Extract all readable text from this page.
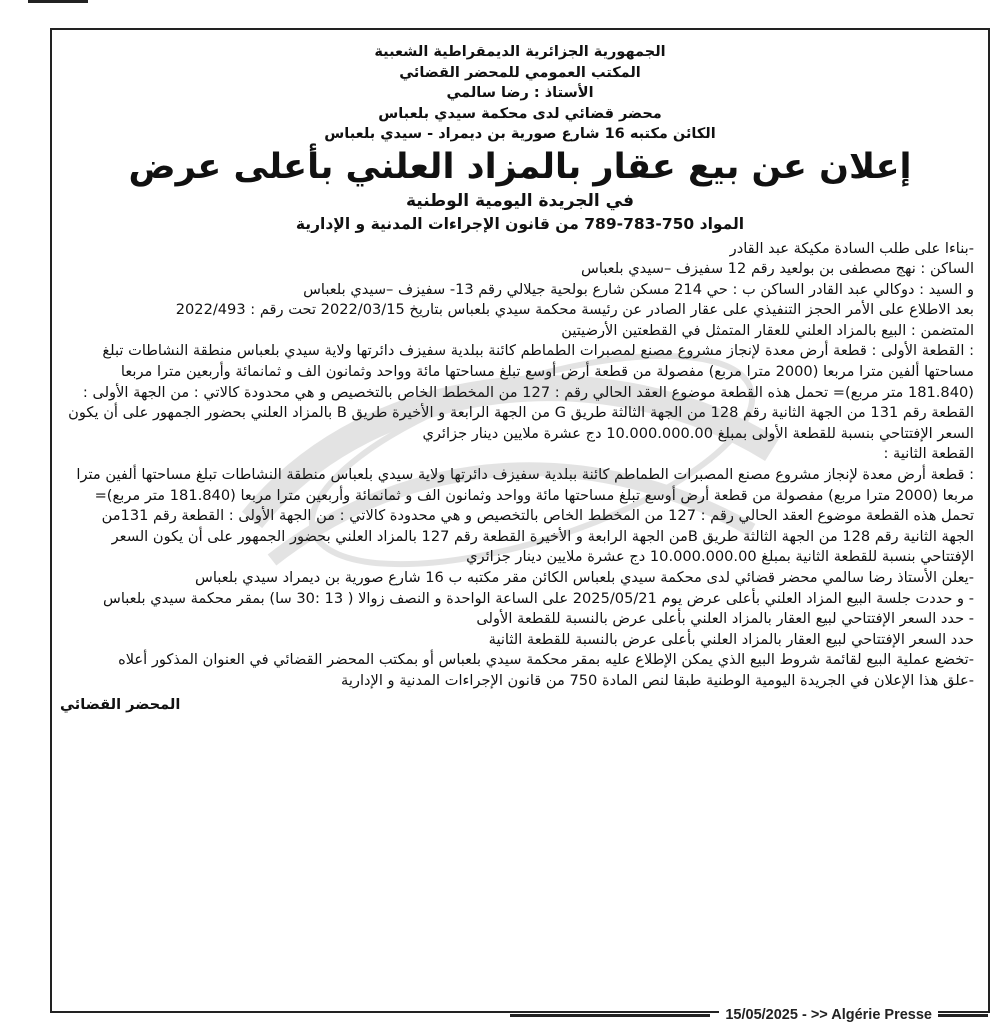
الجمهورية الجزائرية الديمقراطية الشعبية

المكتب العمومي للمحضر القضائي

الأستاذ : رضا سالمي

محضر قضائي لدى محكمة سيدي بلعباس

الكائن مكتبه 16 شارع صورية بن ديمراد - سيدي بلعباس

إعلان عن بيع عقار بالمزاد العلني بأعلى عرض

في الجريدة اليومية الوطنية

المواد 750-783-789 من قانون الإجراءات المدنية و الإدارية

-بناءا على طلب السادة مكيكة عبد القادر

الساكن : نهج مصطفى بن بولعيد رقم 12 سفيزف –سيدي بلعباس

و السيد : دوكالي عبد القادر الساكن ب : حي 214 مسكن شارع بولحية جيلالي رقم 13- سفيزف –سيدي بلعباس

بعد الاطلاع على الأمر الحجز التنفيذي على عقار الصادر عن رئيسة محكمة سيدي بلعباس بتاريخ 2022/03/15 تحت رقم : 2022/493

المتضمن : البيع بالمزاد العلني للعقار المتمثل في القطعتين الأرضيتين

: القطعة الأولى : قطعة أرض معدة لإنجاز مشروع مصنع لمصبرات الطماطم كائنة ببلدية سفيزف دائرتها ولاية سيدي بلعباس منطقة النشاطات تبلغ مساحتها ألفين مترا مربعا (2000 مترا مربع) مفصولة من قطعة أرض أوسع تبلغ مساحتها مائة وواحد وثمانون الف و ثمانمائة وأربعين مترا مربعا (181.840 متر مربع)= تحمل هذه القطعة موضوع العقد الحالي رقم : 127 من المخطط الخاص بالتخصيص و هي محدودة كالاتي : من الجهة الأولى : القطعة رقم 131 من الجهة الثانية رقم 128 من الجهة الثالثة طريق G من الجهة الرابعة و الأخيرة طريق B بالمزاد العلني بحضور الجمهور على أن يكون السعر الإفتتاحي بنسبة للقطعة الأولى بمبلغ 10.000.000.00 دج عشرة ملايين دينار جزائري

القطعة الثانية :

: قطعة أرض معدة لإنجاز مشروع مصنع المصبرات الطماطم كائنة ببلدية سفيزف دائرتها ولاية سيدي بلعباس منطقة النشاطات تبلغ مساحتها ألفين مترا مربعا (2000 مترا مربع) مفصولة من قطعة أرض أوسع تبلغ مساحتها مائة وواحد وثمانون الف و ثمانمائة وأربعين مترا مربعا (181.840 متر مربع)= تحمل هذه القطعة موضوع العقد الحالي رقم : 127 من المخطط الخاص بالتخصيص و هي محدودة كالاتي : من الجهة الأولى : القطعة رقم 131من الجهة الثانية رقم 128 من الجهة الثالثة طريق Bمن الجهة الرابعة و الأخيرة القطعة رقم 127 بالمزاد العلني بحضور الجمهور على أن يكون السعر الإفتتاحي بنسبة للقطعة الثانية بمبلغ 10.000.000.00 دج عشرة ملايين دينار جزائري

-يعلن الأستاذ رضا سالمي محضر قضائي لدى محكمة سيدي بلعباس الكائن مقر مكتبه ب 16 شارع صورية بن ديمراد سيدي بلعباس

- و حددت جلسة البيع المزاد العلني بأعلى عرض يوم 2025/05/21 على الساعة الواحدة و النصف زوالا ( 13 :30 سا) بمقر محكمة سيدي بلعباس

- حدد السعر الإفتتاحي لبيع العقار بالمزاد العلني بأعلى عرض بالنسبة للقطعة الأولى

حدد السعر الإفتتاحي لبيع العقار بالمزاد العلني بأعلى عرض بالنسبة للقطعة الثانية

-تخضع عملية البيع لقائمة شروط البيع الذي يمكن الإطلاع عليه بمقر محكمة سيدي بلعباس أو بمكتب المحضر القضائي في العنوان المذكور أعلاه

-علق هذا الإعلان في الجريدة اليومية الوطنية طبقا لنص المادة 750 من قانون الإجراءات المدنية و الإدارية

المحضر القضائي
15/05/2025 - >> Algérie Presse
